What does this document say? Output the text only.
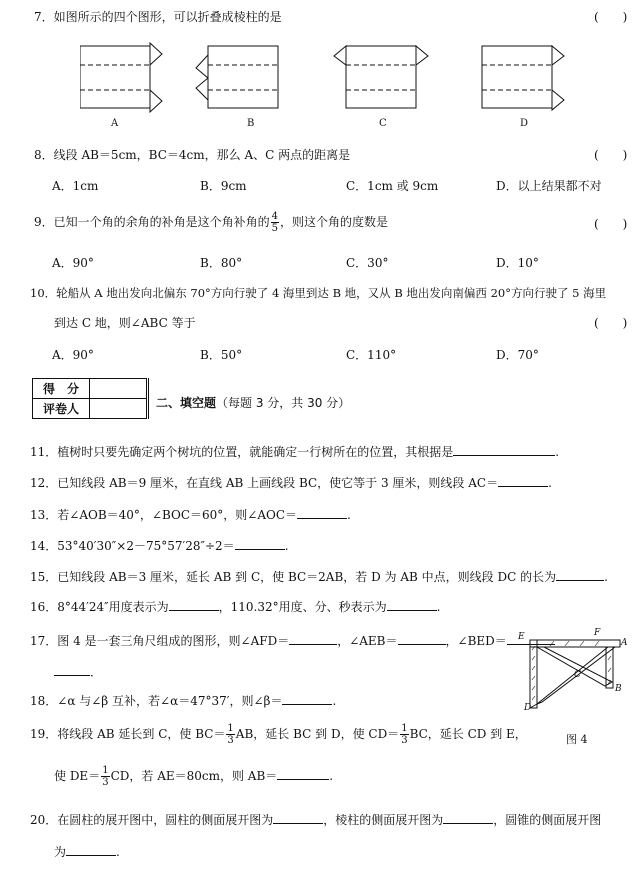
7．如图所示的四个图形，可以折叠成棱柱的是	(　　)
A	B	C	D
8．线段 AB＝5cm，BC＝4cm，那么 A、C 两点的距离是	(　　)
A．1cm	B．9cm	C．1cm 或 9cm	D．以上结果都不对
9．已知一个角的余角的补角是这个角补角的 $\frac{4}{5}$ ，则这个角的度数是	(　　)
A．90°	B．80°	C．30°	D．10°
10．轮船从 A 地出发向北偏东 70°方向行驶了 4 海里到达 B 地，又从 B 地出发向南偏西 20°方向行驶了 5 海里
到达 C 地，则∠ABC 等于	(　　)
A．90°	B．50°	C．110°	D．70°
得　分	
评卷人		二、填空题（每题 3 分，共 30 分）
11．植树时只要先确定两个树坑的位置，就能确定一行树所在的位置，其根据是	.
12．已知线段 AB＝9 厘米，在直线 AB 上画线段 BC，使它等于 3 厘米，则线段 AC＝	.
13．若∠AOB＝40°，∠BOC＝60°，则∠AOC＝	.
14．53°40′30″×2－75°57′28″÷2＝	.
15．已知线段 AB＝3 厘米，延长 AB 到 C，使 BC＝2AB，若 D 为 AB 中点，则线段 DC 的长为	.
16．8°44′24″用度表示为	，110.32°用度、分、秒表示为	.
17．图 4 是一套三角尺组成的图形，则∠AFD＝	，∠AEB＝	，∠BED＝
．
E	F
A
C
B
D
图 4
18．∠α 与∠β 互补，若∠α＝47°37′，则∠β＝	.
19．将线段 AB 延长到 C，使 $BC= \frac{1}{3}$ AB，延长 BC 到 D，使 $CD= \frac{1}{3}$ BC，延长 CD 到 E，
使 $DE= \frac{1}{3}$ CD，若 AE＝80cm，则 AB＝	.
20．在圆柱的展开图中，圆柱的侧面展开图为	，棱柱的侧面展开图为	，圆锥的侧面展开图
为	.
